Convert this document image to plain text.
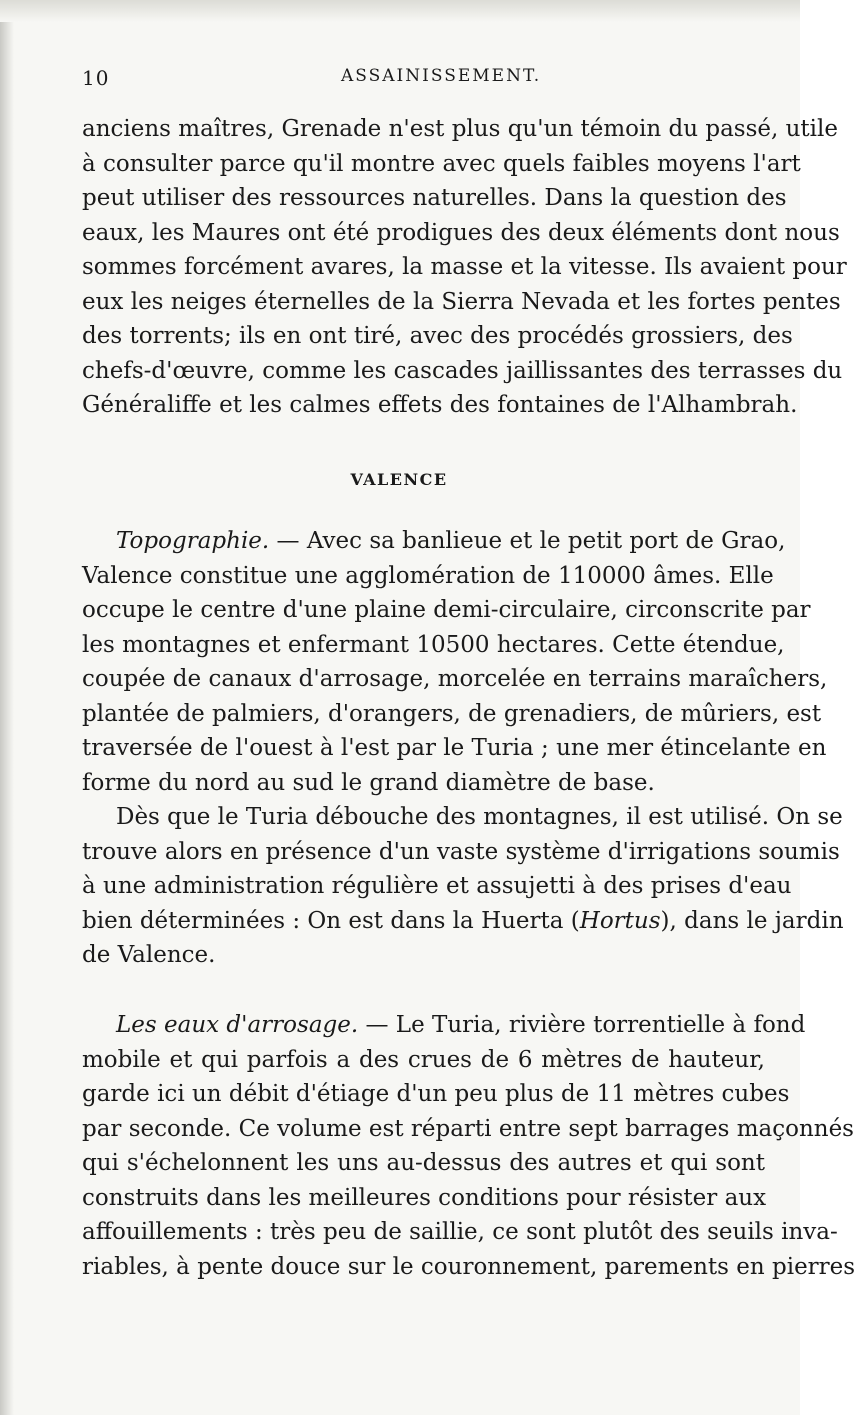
10	ASSAINISSEMENT.
anciens maîtres, Grenade n'est plus qu'un témoin du passé, utile
à consulter parce qu'il montre avec quels faibles moyens l'art
peut utiliser des ressources naturelles. Dans la question des
eaux, les Maures ont été prodigues des deux éléments dont nous
sommes forcément avares, la masse et la vitesse. Ils avaient pour
eux les neiges éternelles de la Sierra Nevada et les fortes pentes
des torrents; ils en ont tiré, avec des procédés grossiers, des
chefs-d'œuvre, comme les cascades jaillissantes des terrasses du
Généraliffe et les calmes effets des fontaines de l'Alhambrah.
VALENCE
Topographie. — Avec sa banlieue et le petit port de Grao,
Valence constitue une agglomération de 110000 âmes. Elle
occupe le centre d'une plaine demi-circulaire, circonscrite par
les montagnes et enfermant 10500 hectares. Cette étendue,
coupée de canaux d'arrosage, morcelée en terrains maraîchers,
plantée de palmiers, d'orangers, de grenadiers, de mûriers, est
traversée de l'ouest à l'est par le Turia ; une mer étincelante en
forme du nord au sud le grand diamètre de base.
Dès que le Turia débouche des montagnes, il est utilisé. On se
trouve alors en présence d'un vaste système d'irrigations soumis
à une administration régulière et assujetti à des prises d'eau
bien déterminées : On est dans la Huerta (Hortus), dans le jardin
de Valence.
Les eaux d'arrosage. — Le Turia, rivière torrentielle à fond
mobile et qui parfois a des crues de 6 mètres de hauteur,
garde ici un débit d'étiage d'un peu plus de 11 mètres cubes
par seconde. Ce volume est réparti entre sept barrages maçonnés
qui s'échelonnent les uns au-dessus des autres et qui sont
construits dans les meilleures conditions pour résister aux
affouillements : très peu de saillie, ce sont plutôt des seuils inva-
riables, à pente douce sur le couronnement, parements en pierres
